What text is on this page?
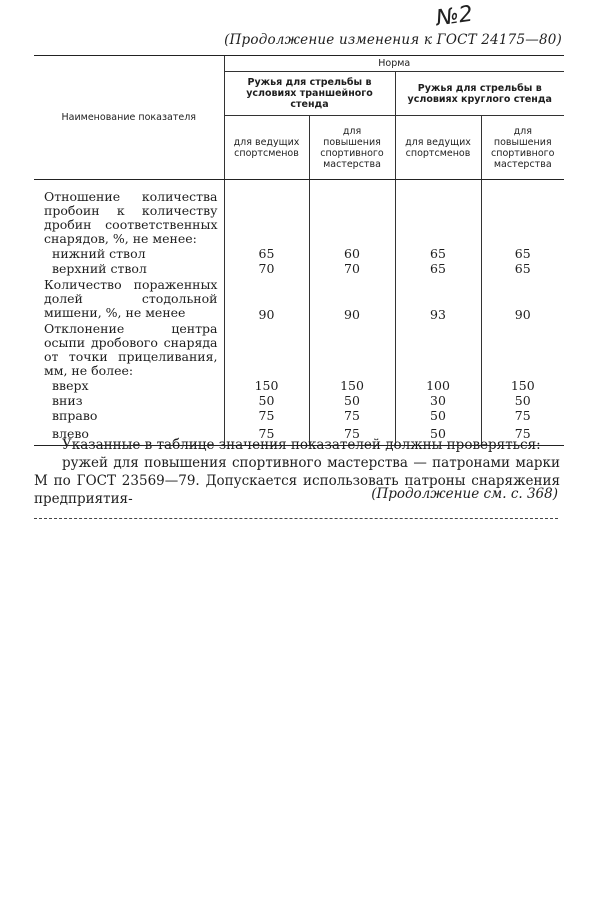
№2
(Продолжение изменения к ГОСТ 24175—80)
Наименование показателя	Норма			
	Ружья для стрельбы в условиях траншейного стенда		Ружья для стрельбы в условиях круглого стенда	
	для ведущих спортсменов	для повышения спортивного мастерства	для ведущих спортсменов	для повышения спортивного мастерства
Отношение количества пробоин к количеству дробин соответственных снарядов, %, не менее:				
нижний ствол	65	60	65	65
верхний ствол	70	70	65	65
Количество пораженных долей стодольной мишени, %, не менее	90	90	93	90
Отклонение центра осыпи дробового снаряда от точки прицеливания, мм, не более:				
вверх	150	150	100	150
вниз	50	50	30	50
вправо	75	75	50	75
влево	75	75	50	75
Указанные в таблице значения показателей должны проверяться:
ружей для повышения спортивного мастерства — патронами марки М по ГОСТ 23569—79. Допускается использовать патроны снаряжения предприятия-	(Продолжение см. с. 368)
